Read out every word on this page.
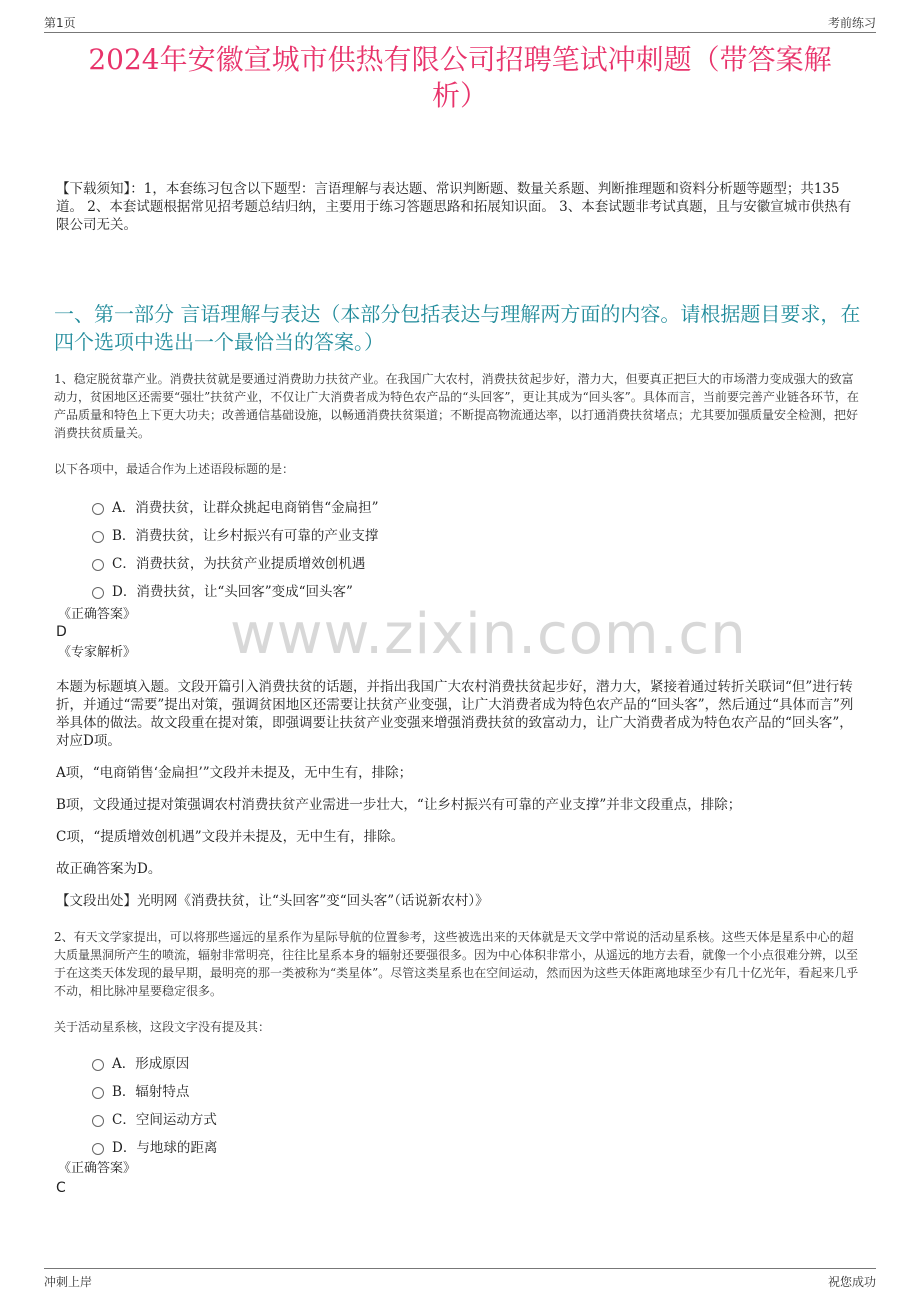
第1页	考前练习
2024年安徽宣城市供热有限公司招聘笔试冲刺题（带答案解
析）
【下载须知】：1，本套练习包含以下题型：言语理解与表达题、常识判断题、数量关系题、判断推理题和资料分析题等题型；共135道。 2、本套试题根据常见招考题总结归纳，主要用于练习答题思路和拓展知识面。 3、本套试题非考试真题，且与安徽宣城市供热有限公司无关。
一、第一部分 言语理解与表达（本部分包括表达与理解两方面的内容。请根据题目要求，在四个选项中选出一个最恰当的答案。）
1、稳定脱贫靠产业。消费扶贫就是要通过消费助力扶贫产业。在我国广大农村，消费扶贫起步好，潜力大，但要真正把巨大的市场潜力变成强大的致富动力，贫困地区还需要“强壮”扶贫产业，不仅让广大消费者成为特色农产品的“头回客”，更让其成为“回头客”。具体而言，当前要完善产业链各环节，在产品质量和特色上下更大功夫；改善通信基础设施，以畅通消费扶贫渠道；不断提高物流通达率，以打通消费扶贫堵点；尤其要加强质量安全检测，把好消费扶贫质量关。
以下各项中，最适合作为上述语段标题的是：
A．消费扶贫，让群众挑起电商销售“金扁担”
B．消费扶贫，让乡村振兴有可靠的产业支撑
C．消费扶贫，为扶贫产业提质增效创机遇
D．消费扶贫，让“头回客”变成“回头客”
《正确答案》
D	www.zixin.com.cn
《专家解析》
本题为标题填入题。文段开篇引入消费扶贫的话题，并指出我国广大农村消费扶贫起步好，潜力大，紧接着通过转折关联词“但”进行转折，并通过“需要”提出对策，强调贫困地区还需要让扶贫产业变强，让广大消费者成为特色农产品的“回头客”，然后通过“具体而言”列举具体的做法。故文段重在提对策，即强调要让扶贫产业变强来增强消费扶贫的致富动力，让广大消费者成为特色农产品的“回头客”，对应D项。
A项，“电商销售‘金扁担’”文段并未提及，无中生有，排除；
B项，文段通过提对策强调农村消费扶贫产业需进一步壮大，“让乡村振兴有可靠的产业支撑”并非文段重点，排除；
C项，“提质增效创机遇”文段并未提及，无中生有，排除。
故正确答案为D。
【文段出处】光明网《消费扶贫，让“头回客”变“回头客”（话说新农村）》
2、有天文学家提出，可以将那些遥远的星系作为星际导航的位置参考，这些被选出来的天体就是天文学中常说的活动星系核。这些天体是星系中心的超大质量黑洞所产生的喷流，辐射非常明亮，往往比星系本身的辐射还要强很多。因为中心体积非常小，从遥远的地方去看，就像一个小点很难分辨，以至于在这类天体发现的最早期，最明亮的那一类被称为“类星体”。尽管这类星系也在空间运动，然而因为这些天体距离地球至少有几十亿光年，看起来几乎不动，相比脉冲星要稳定很多。
关于活动星系核，这段文字没有提及其：
A．形成原因
B．辐射特点
C．空间运动方式
D．与地球的距离
《正确答案》
C
冲刺上岸	祝您成功
